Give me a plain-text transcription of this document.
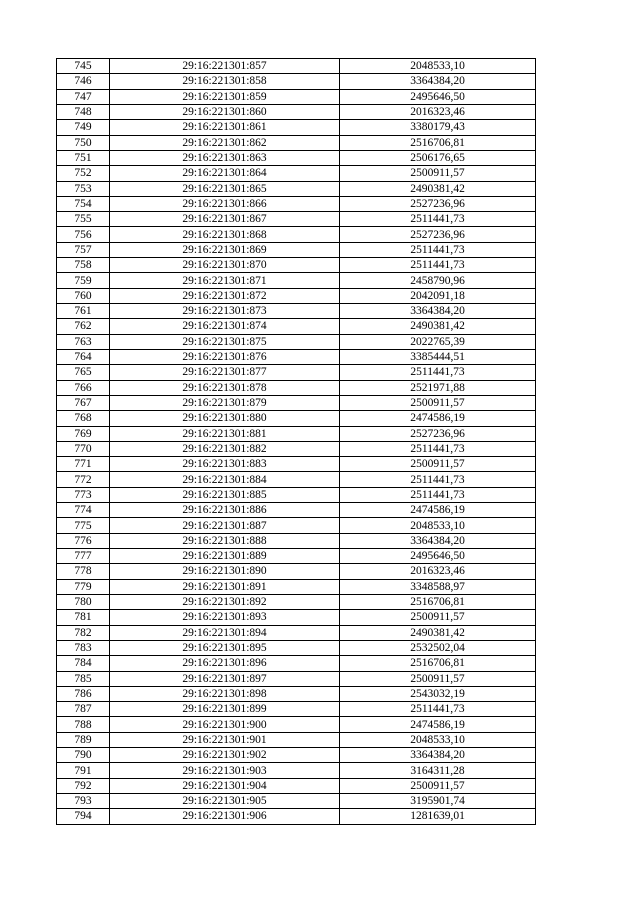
745	29:16:221301:857	2048533,10
746	29:16:221301:858	3364384,20
747	29:16:221301:859	2495646,50
748	29:16:221301:860	2016323,46
749	29:16:221301:861	3380179,43
750	29:16:221301:862	2516706,81
751	29:16:221301:863	2506176,65
752	29:16:221301:864	2500911,57
753	29:16:221301:865	2490381,42
754	29:16:221301:866	2527236,96
755	29:16:221301:867	2511441,73
756	29:16:221301:868	2527236,96
757	29:16:221301:869	2511441,73
758	29:16:221301:870	2511441,73
759	29:16:221301:871	2458790,96
760	29:16:221301:872	2042091,18
761	29:16:221301:873	3364384,20
762	29:16:221301:874	2490381,42
763	29:16:221301:875	2022765,39
764	29:16:221301:876	3385444,51
765	29:16:221301:877	2511441,73
766	29:16:221301:878	2521971,88
767	29:16:221301:879	2500911,57
768	29:16:221301:880	2474586,19
769	29:16:221301:881	2527236,96
770	29:16:221301:882	2511441,73
771	29:16:221301:883	2500911,57
772	29:16:221301:884	2511441,73
773	29:16:221301:885	2511441,73
774	29:16:221301:886	2474586,19
775	29:16:221301:887	2048533,10
776	29:16:221301:888	3364384,20
777	29:16:221301:889	2495646,50
778	29:16:221301:890	2016323,46
779	29:16:221301:891	3348588,97
780	29:16:221301:892	2516706,81
781	29:16:221301:893	2500911,57
782	29:16:221301:894	2490381,42
783	29:16:221301:895	2532502,04
784	29:16:221301:896	2516706,81
785	29:16:221301:897	2500911,57
786	29:16:221301:898	2543032,19
787	29:16:221301:899	2511441,73
788	29:16:221301:900	2474586,19
789	29:16:221301:901	2048533,10
790	29:16:221301:902	3364384,20
791	29:16:221301:903	3164311,28
792	29:16:221301:904	2500911,57
793	29:16:221301:905	3195901,74
794	29:16:221301:906	1281639,01
